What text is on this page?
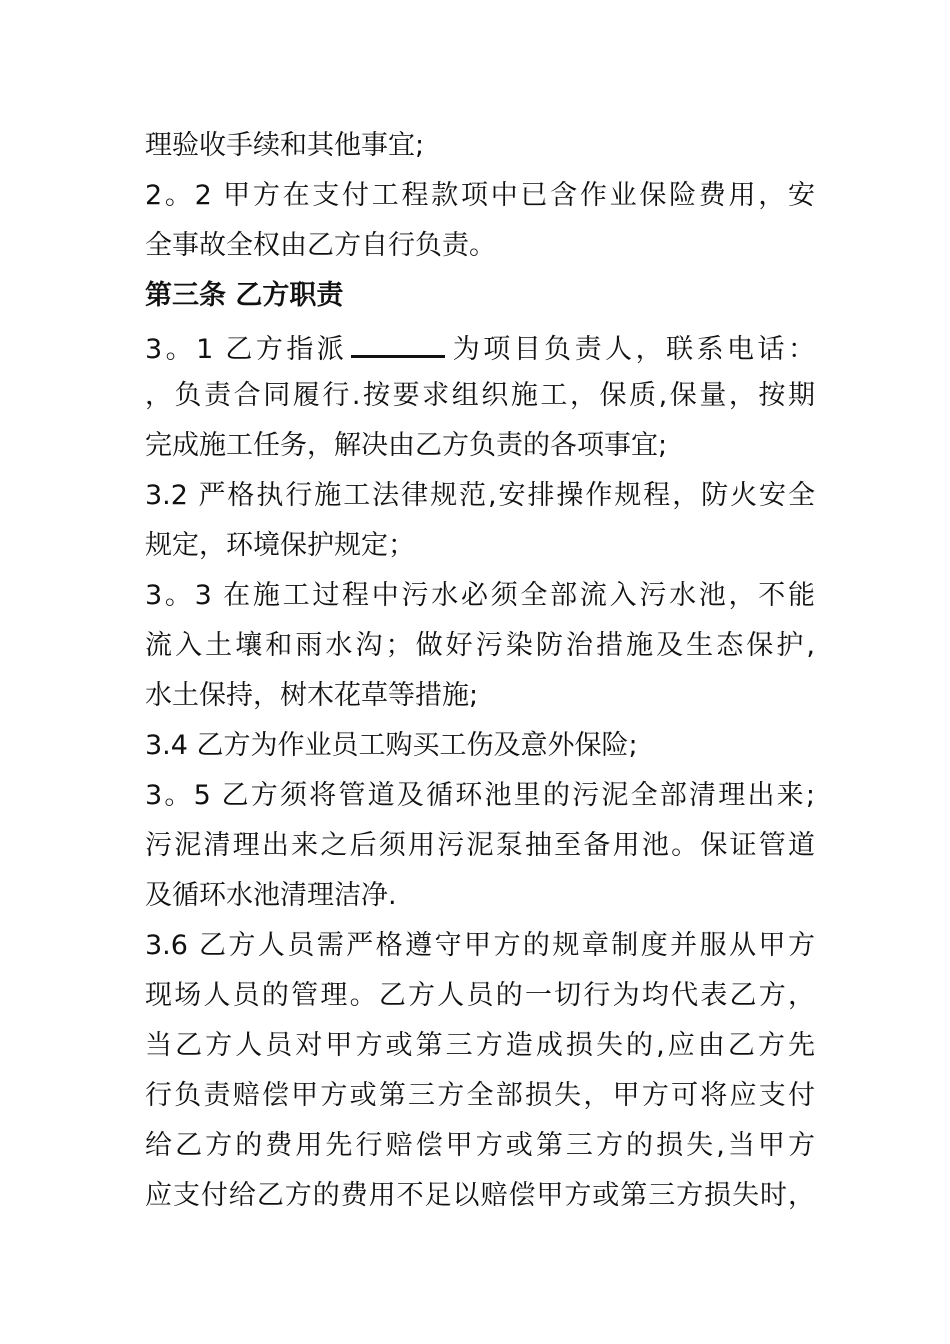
理验收手续和其他事宜;
2。2 甲方在支付工程款项中已含作业保险费用，安
全事故全权由乙方自行负责。
第三条 乙方职责
3。1 乙方指派	为项目负责人，联系电话：
，负责合同履行.按要求组织施工，保质,保量，按期
完成施工任务，解决由乙方负责的各项事宜;
3.2 严格执行施工法律规范,安排操作规程，防火安全
规定，环境保护规定；
3。3 在施工过程中污水必须全部流入污水池，不能
流入土壤和雨水沟；做好污染防治措施及生态保护,
水土保持，树木花草等措施;
3.4 乙方为作业员工购买工伤及意外保险;
3。5 乙方须将管道及循环池里的污泥全部清理出来;
污泥清理出来之后须用污泥泵抽至备用池。保证管道
及循环水池清理洁净.
3.6 乙方人员需严格遵守甲方的规章制度并服从甲方
现场人员的管理。乙方人员的一切行为均代表乙方，
当乙方人员对甲方或第三方造成损失的,应由乙方先
行负责赔偿甲方或第三方全部损失，甲方可将应支付
给乙方的费用先行赔偿甲方或第三方的损失,当甲方
应支付给乙方的费用不足以赔偿甲方或第三方损失时，
